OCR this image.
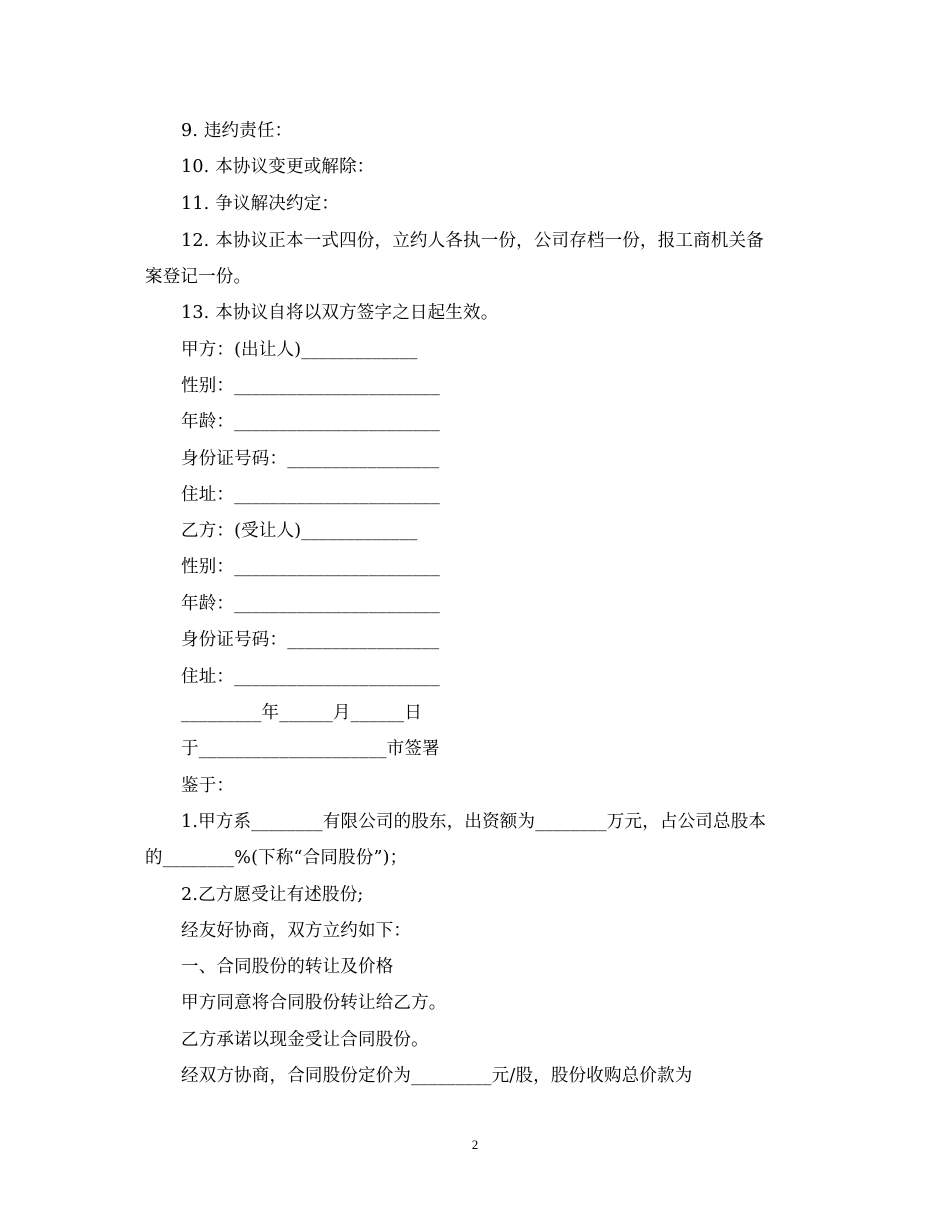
9. 违约责任：
10. 本协议变更或解除：
11. 争议解决约定：
12. 本协议正本一式四份，立约人各执一份，公司存档一份，报工商机关备
案登记一份。
13. 本协议自将以双方签字之日起生效。
甲方：(出让人)_____________
性别：_______________________
年龄：_______________________
身份证号码：_________________
住址：_______________________
乙方：(受让人)_____________
性别：_______________________
年龄：_______________________
身份证号码：_________________
住址：_______________________
_________年______月______日
于_____________________市签署
鉴于：
1.甲方系________有限公司的股东，出资额为________万元，占公司总股本
的________%(下称“合同股份”)；
2.乙方愿受让有述股份;
经友好协商，双方立约如下：
一、合同股份的转让及价格
甲方同意将合同股份转让给乙方。
乙方承诺以现金受让合同股份。
经双方协商，合同股份定价为_________元/股，股份收购总价款为
2
